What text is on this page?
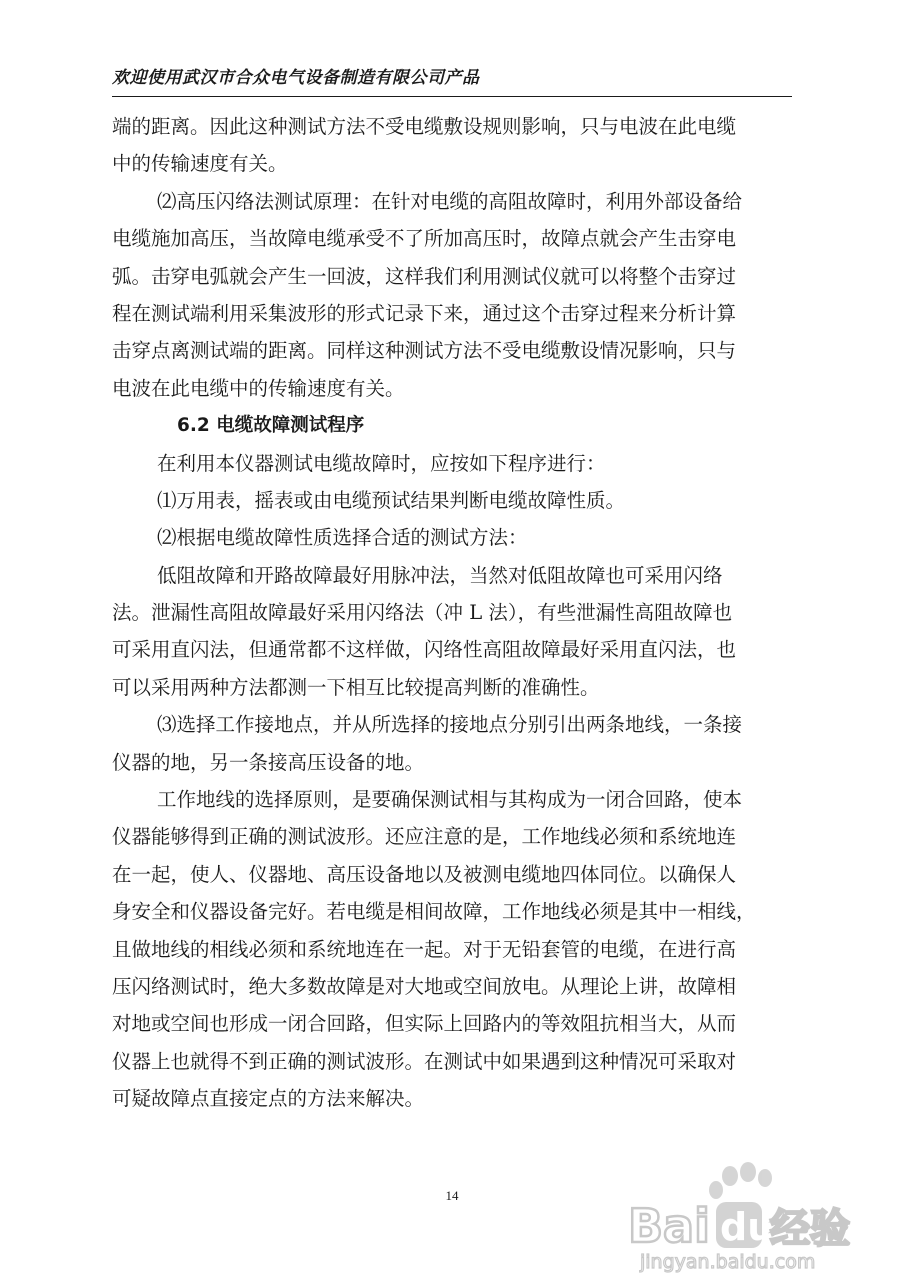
欢迎使用武汉市合众电气设备制造有限公司产品
端的距离。因此这种测试方法不受电缆敷设规则影响，只与电波在此电缆
中的传输速度有关。
⑵高压闪络法测试原理：在针对电缆的高阻故障时，利用外部设备给
电缆施加高压，当故障电缆承受不了所加高压时，故障点就会产生击穿电
弧。击穿电弧就会产生一回波，这样我们利用测试仪就可以将整个击穿过
程在测试端利用采集波形的形式记录下来，通过这个击穿过程来分析计算
击穿点离测试端的距离。同样这种测试方法不受电缆敷设情况影响，只与
电波在此电缆中的传输速度有关。
6.2 电缆故障测试程序
在利用本仪器测试电缆故障时，应按如下程序进行：
⑴万用表，摇表或由电缆预试结果判断电缆故障性质。
⑵根据电缆故障性质选择合适的测试方法：
低阻故障和开路故障最好用脉冲法，当然对低阻故障也可采用闪络
法。泄漏性高阻故障最好采用闪络法（冲 L 法），有些泄漏性高阻故障也
可采用直闪法，但通常都不这样做，闪络性高阻故障最好采用直闪法，也
可以采用两种方法都测一下相互比较提高判断的准确性。
⑶选择工作接地点，并从所选择的接地点分别引出两条地线，一条接
仪器的地，另一条接高压设备的地。
工作地线的选择原则，是要确保测试相与其构成为一闭合回路，使本
仪器能够得到正确的测试波形。还应注意的是，工作地线必须和系统地连
在一起，使人、仪器地、高压设备地以及被测电缆地四体同位。以确保人
身安全和仪器设备完好。若电缆是相间故障，工作地线必须是其中一相线，
且做地线的相线必须和系统地连在一起。对于无铅套管的电缆，在进行高
压闪络测试时，绝大多数故障是对大地或空间放电。从理论上讲，故障相
对地或空间也形成一闭合回路，但实际上回路内的等效阻抗相当大，从而
仪器上也就得不到正确的测试波形。在测试中如果遇到这种情况可采取对
可疑故障点直接定点的方法来解决。
14
Bai du
经验
jingyan.baidu.com
